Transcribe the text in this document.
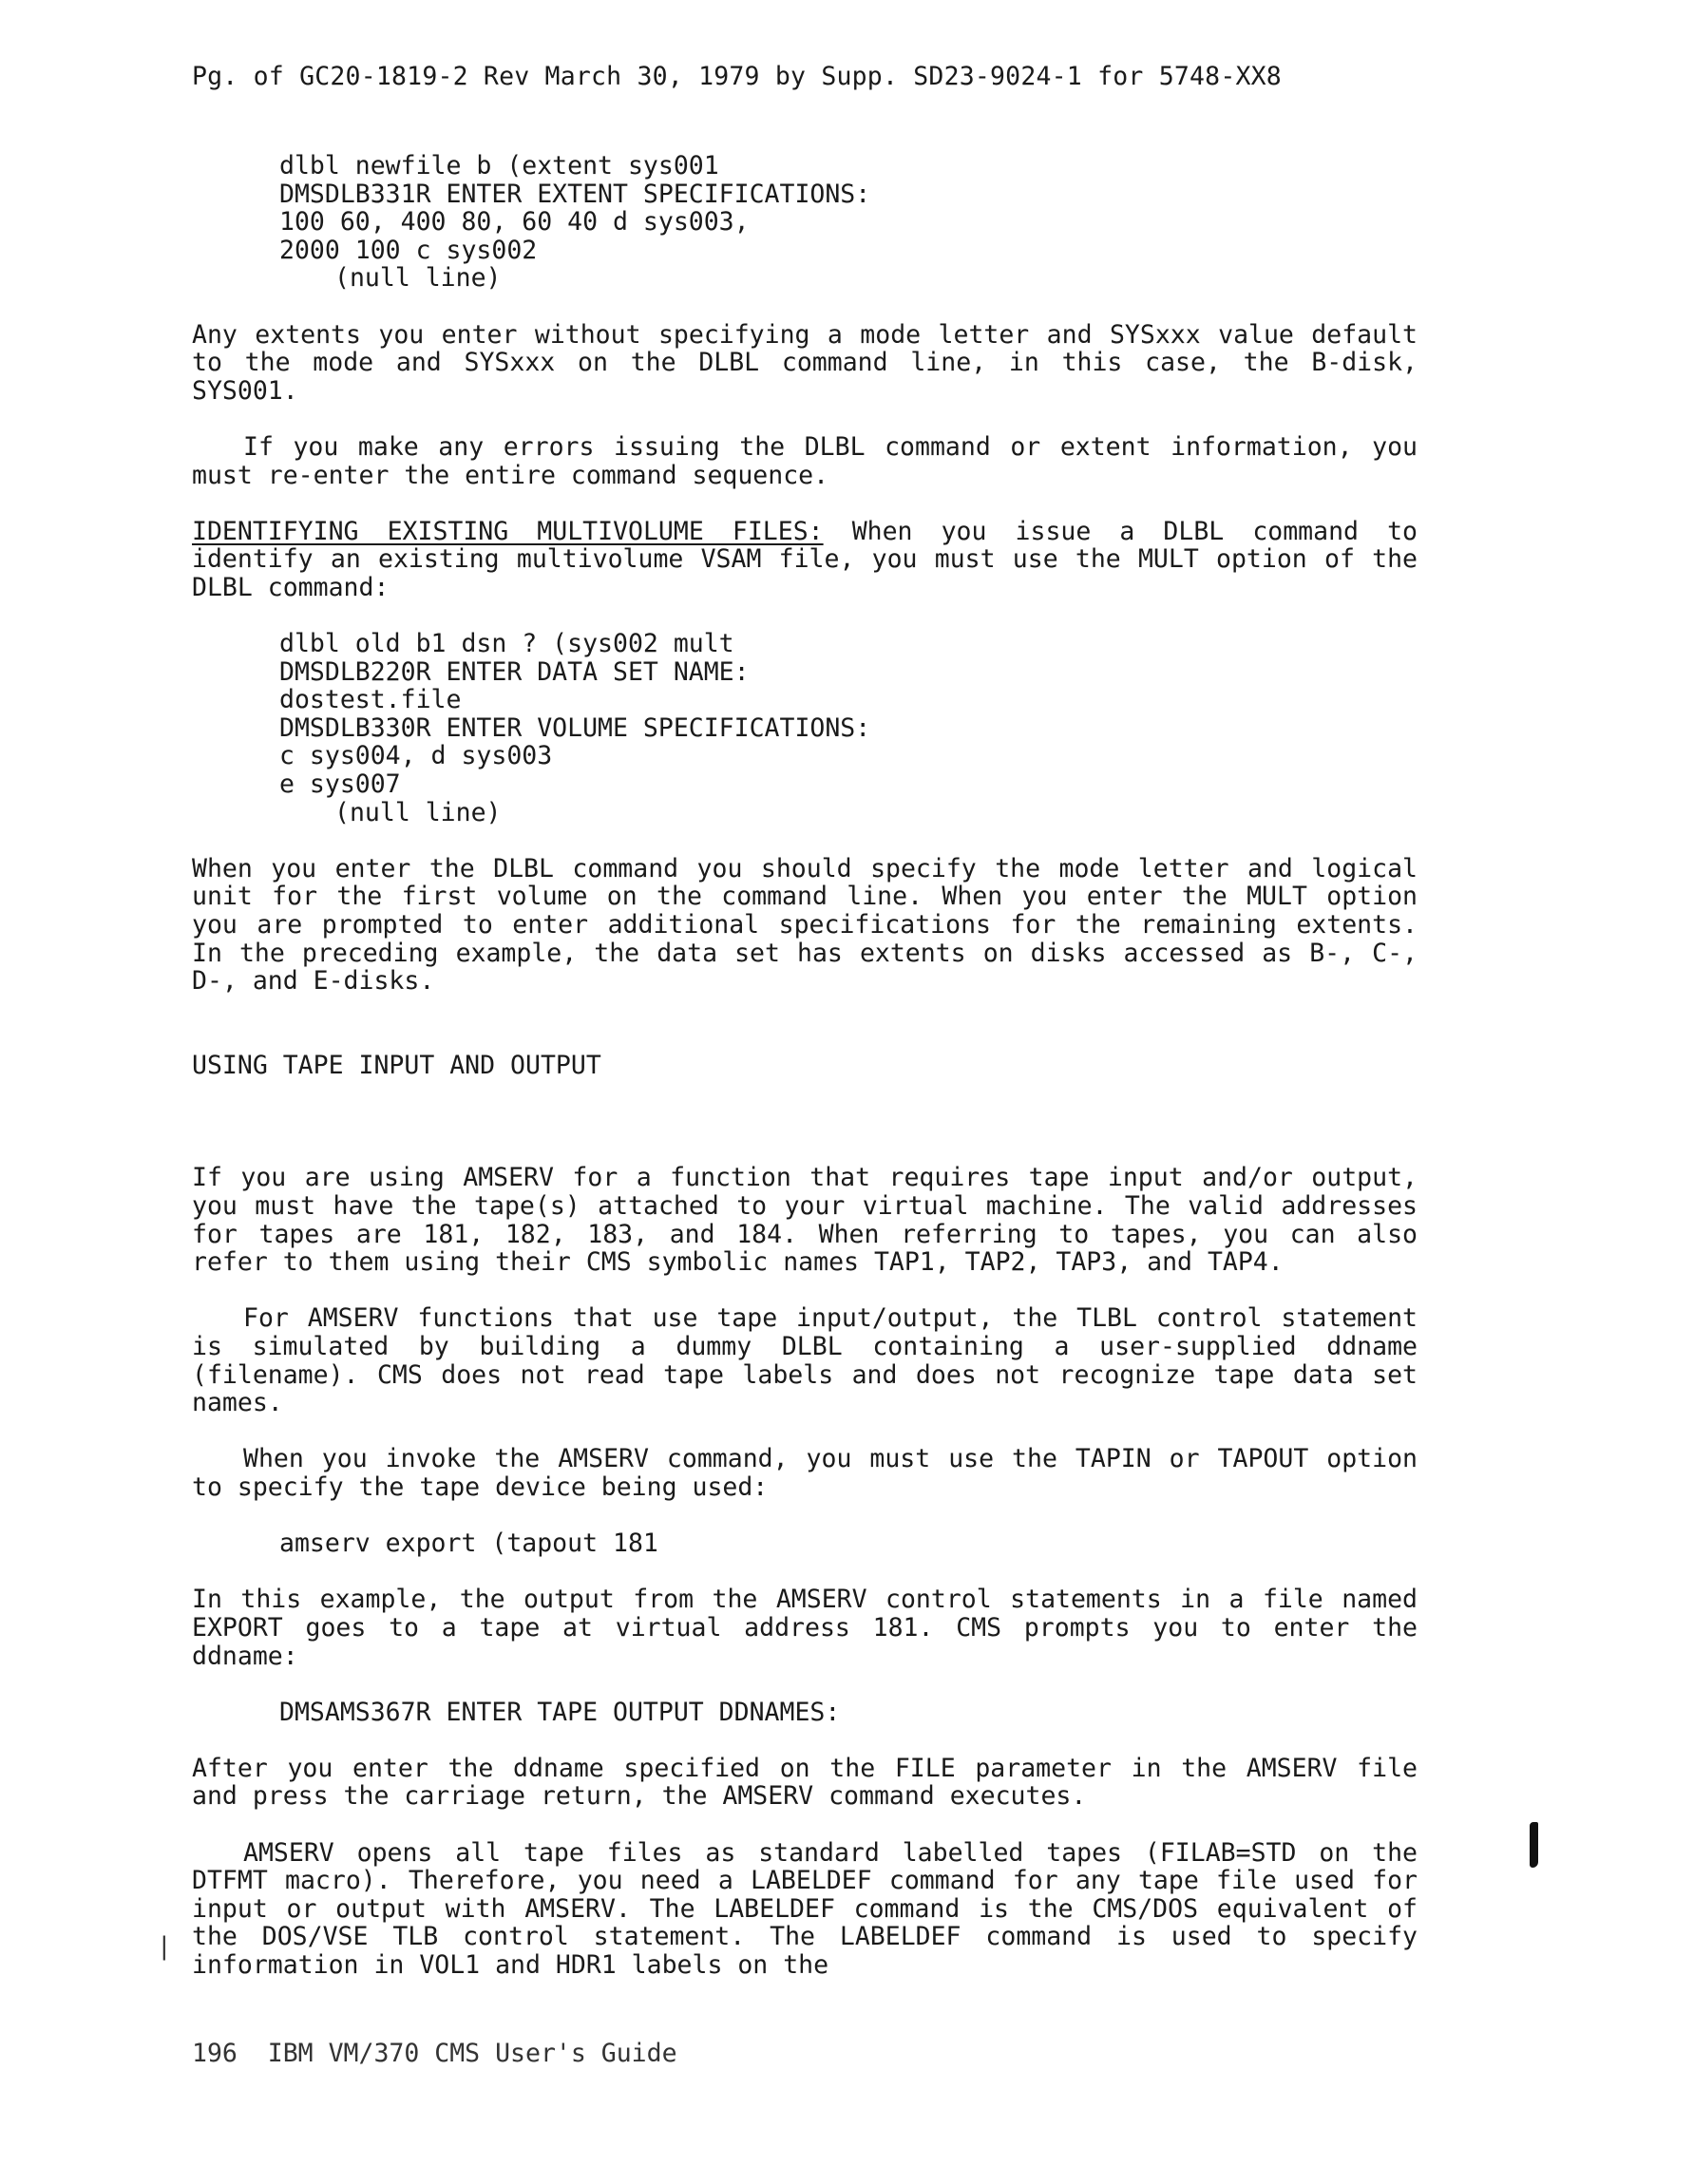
Pg. of GC20-1819-2 Rev March 30, 1979 by Supp. SD23-9024-1 for 5748-XX8
dlbl newfile b (extent sys001
DMSDLB331R ENTER EXTENT SPECIFICATIONS:
100 60, 400 80, 60 40 d sys003,
2000 100 c sys002
(null line)

Any extents you enter without specifying a mode letter and SYSxxx value default to the mode and SYSxxx on the DLBL command line, in this case, the B-disk, SYS001.

If you make any errors issuing the DLBL command or extent information, you must re-enter the entire command sequence.

IDENTIFYING EXISTING MULTIVOLUME FILES: When you issue a DLBL command to identify an existing multivolume VSAM file, you must use the MULT option of the DLBL command:

dlbl old b1 dsn ? (sys002 mult
DMSDLB220R ENTER DATA SET NAME:
dostest.file
DMSDLB330R ENTER VOLUME SPECIFICATIONS:
c sys004, d sys003
e sys007
(null line)

When you enter the DLBL command you should specify the mode letter and logical unit for the first volume on the command line. When you enter the MULT option you are prompted to enter additional specifications for the remaining extents. In the preceding example, the data set has extents on disks accessed as B-, C-, D-, and E-disks.

USING TAPE INPUT AND OUTPUT

If you are using AMSERV for a function that requires tape input and/or output, you must have the tape(s) attached to your virtual machine. The valid addresses for tapes are 181, 182, 183, and 184. When referring to tapes, you can also refer to them using their CMS symbolic names TAP1, TAP2, TAP3, and TAP4.

For AMSERV functions that use tape input/output, the TLBL control statement is simulated by building a dummy DLBL containing a user-supplied ddname (filename). CMS does not read tape labels and does not recognize tape data set names.

When you invoke the AMSERV command, you must use the TAPIN or TAPOUT option to specify the tape device being used:

amserv export (tapout 181

In this example, the output from the AMSERV control statements in a file named EXPORT goes to a tape at virtual address 181. CMS prompts you to enter the ddname:

DMSAMS367R ENTER TAPE OUTPUT DDNAMES:

After you enter the ddname specified on the FILE parameter in the AMSERV file and press the carriage return, the AMSERV command executes.

AMSERV opens all tape files as standard labelled tapes (FILAB=STD on the DTFMT macro). Therefore, you need a LABELDEF command for any tape file used for input or output with AMSERV. The LABELDEF command is the CMS/DOS equivalent of the DOS/VSE TLB control statement. The LABELDEF command is used to specify information in VOL1 and HDR1 labels on the

|
196  IBM VM/370 CMS User's Guide
